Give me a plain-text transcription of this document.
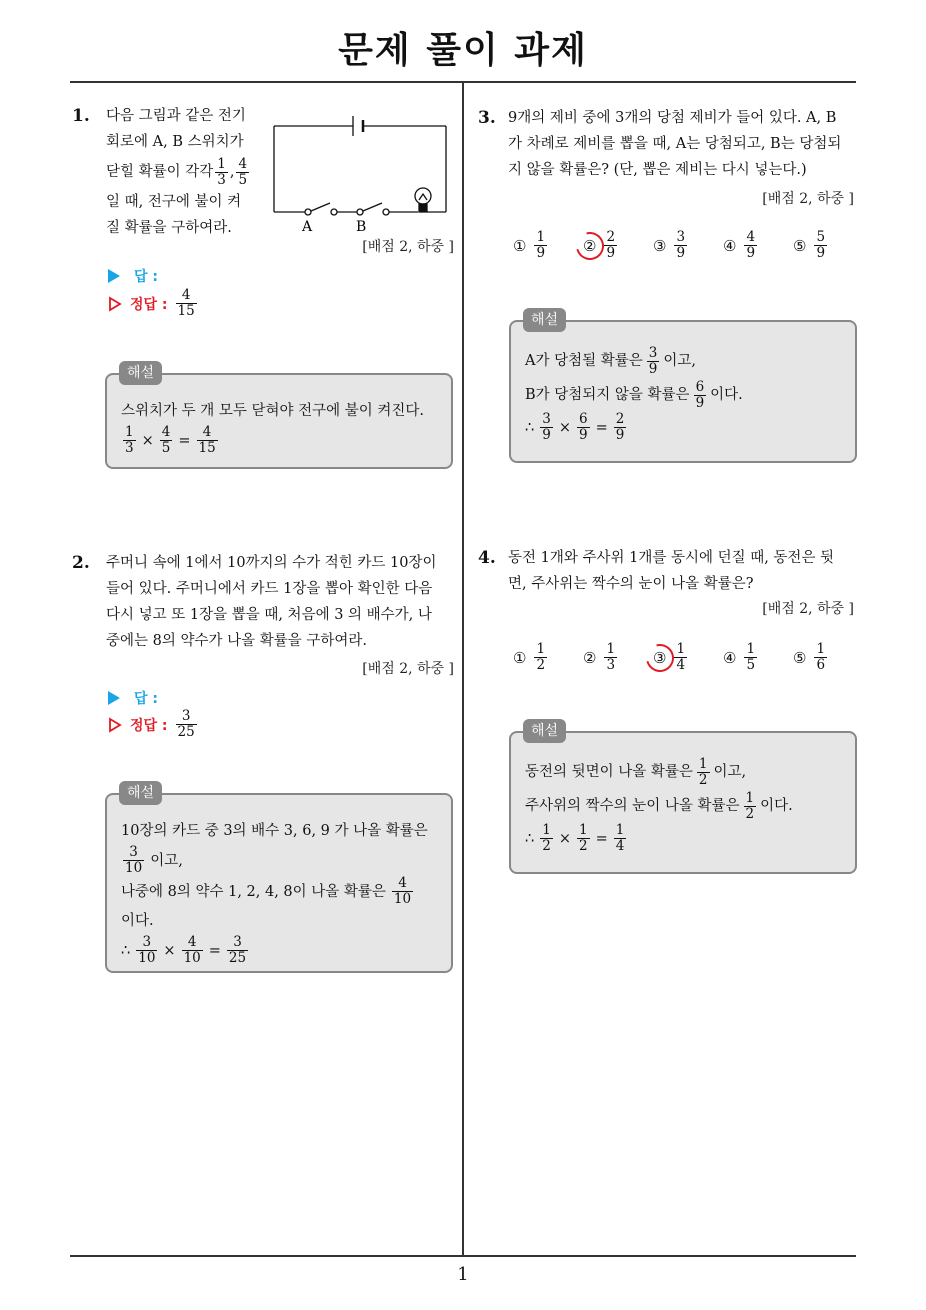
문제 풀이 과제
1
1. 다음 그림과 같은 전기
회로에 A, B 스위치가
닫힐 확률이 각각 $\frac{1}{3}$ , $\frac{4}{5}$
일 때, 전구에 불이 켜
질 확률을 구하여라.	A	B
[배점 2, 하중 ]
답 :
정답 : $\frac{4}{15}$
해설
스위치가 두 개 모두 닫혀야 전구에 불이 켜진다.
$\frac{1}{3} \times \frac{4}{5} = \frac{4}{15}$
2. 주머니 속에 1에서 10까지의 수가 적힌 카드 10장이
들어 있다. 주머니에서 카드 1장을 뽑아 확인한 다음
다시 넣고 또 1장을 뽑을 때, 처음에 3 의 배수가, 나
중에는 8의 약수가 나올 확률을 구하여라.
[배점 2, 하중 ]
답 :
정답 : $\frac{3}{25}$
해설
10장의 카드 중 3의 배수 3, 6, 9 가 나올 확률은
$\frac{3}{10}$ 이고,
나중에 8의 약수 1, 2, 4, 8이 나올 확률은 $\frac{4}{10}$
이다.
∴ $\frac{3}{10} \times \frac{4}{10} = \frac{3}{25}$
3. 9개의 제비 중에 3개의 당첨 제비가 들어 있다. A, B
가 차례로 제비를 뽑을 때, A는 당첨되고, B는 당첨되
지 않을 확률은? (단, 뽑은 제비는 다시 넣는다.)
[배점 2, 하중 ]
① $\frac{1}{9}$ ② $\frac{2}{9}$ ③ $\frac{3}{9}$ ④ $\frac{4}{9}$ ⑤ $\frac{5}{9}$
해설
A가 당첨될 확률은 $\frac{3}{9}$ 이고,
B가 당첨되지 않을 확률은 $\frac{6}{9}$ 이다.
∴ $\frac{3}{9} \times \frac{6}{9} = \frac{2}{9}$
4. 동전 1개와 주사위 1개를 동시에 던질 때, 동전은 뒷
면, 주사위는 짝수의 눈이 나올 확률은?
[배점 2, 하중 ]
① $\frac{1}{2}$ ② $\frac{1}{3}$ ③ $\frac{1}{4}$ ④ $\frac{1}{5}$ ⑤ $\frac{1}{6}$
해설
동전의 뒷면이 나올 확률은 $\frac{1}{2}$ 이고,
주사위의 짝수의 눈이 나올 확률은 $\frac{1}{2}$ 이다.
∴ $\frac{1}{2} \times \frac{1}{2} = \frac{1}{4}$
